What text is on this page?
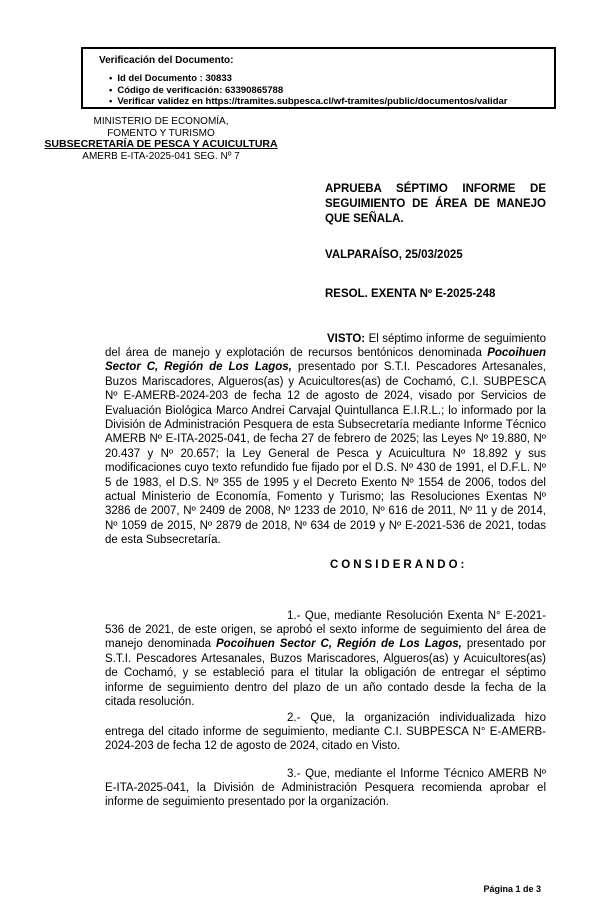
Verificación del Documento:
• Id del Documento : 30833
• Código de verificación: 63390865788
• Verificar validez en https://tramites.subpesca.cl/wf-tramites/public/documentos/validar
MINISTERIO DE ECONOMÍA,
FOMENTO Y TURISMO
SUBSECRETARÍA DE PESCA Y ACUICULTURA
AMERB E-ITA-2025-041 SEG. Nº 7
APRUEBA SÉPTIMO INFORME DE SEGUIMIENTO DE ÁREA DE MANEJO QUE SEÑALA.
VALPARAÍSO, 25/03/2025
RESOL. EXENTA Nº E-2025-248

VISTO: El séptimo informe de seguimiento del área de manejo y explotación de recursos bentónicos denominada Pocoihuen Sector C, Región de Los Lagos, presentado por S.T.I. Pescadores Artesanales, Buzos Mariscadores, Algueros(as) y Acuicultores(as) de Cochamó, C.I. SUBPESCA Nº E-AMERB-2024-203 de fecha 12 de agosto de 2024, visado por Servicios de Evaluación Biológica Marco Andrei Carvajal Quintullanca E.I.R.L.; lo informado por la División de Administración Pesquera de esta Subsecretaría mediante Informe Técnico AMERB Nº E-ITA-2025-041, de fecha 27 de febrero de 2025; las Leyes Nº 19.880, Nº 20.437 y Nº 20.657; la Ley General de Pesca y Acuicultura Nº 18.892 y sus modificaciones cuyo texto refundido fue fijado por el D.S. Nº 430 de 1991, el D.F.L. Nº 5 de 1983, el D.S. Nº 355 de 1995 y el Decreto Exento Nº 1554 de 2006, todos del actual Ministerio de Economía, Fomento y Turismo; las Resoluciones Exentas Nº 3286 de 2007, Nº 2409 de 2008, Nº 1233 de 2010, Nº 616 de 2011, Nº 11 y de 2014, Nº 1059 de 2015, Nº 2879 de 2018, Nº 634 de 2019 y Nº E-2021-536 de 2021, todas de esta Subsecretaría.

CONSIDERANDO:

1.- Que, mediante Resolución Exenta N° E-2021-536 de 2021, de este origen, se aprobó el sexto informe de seguimiento del área de manejo denominada Pocoihuen Sector C, Región de Los Lagos, presentado por S.T.I. Pescadores Artesanales, Buzos Mariscadores, Algueros(as) y Acuicultores(as) de Cochamó, y se estableció para el titular la obligación de entregar el séptimo informe de seguimiento dentro del plazo de un año contado desde la fecha de la citada resolución.

2.- Que, la organización individualizada hizo entrega del citado informe de seguimiento, mediante C.I. SUBPESCA N° E-AMERB-2024-203 de fecha 12 de agosto de 2024, citado en Visto.

3.- Que, mediante el Informe Técnico AMERB Nº E-ITA-2025-041, la División de Administración Pesquera recomienda aprobar el informe de seguimiento presentado por la organización.

Página 1 de 3
